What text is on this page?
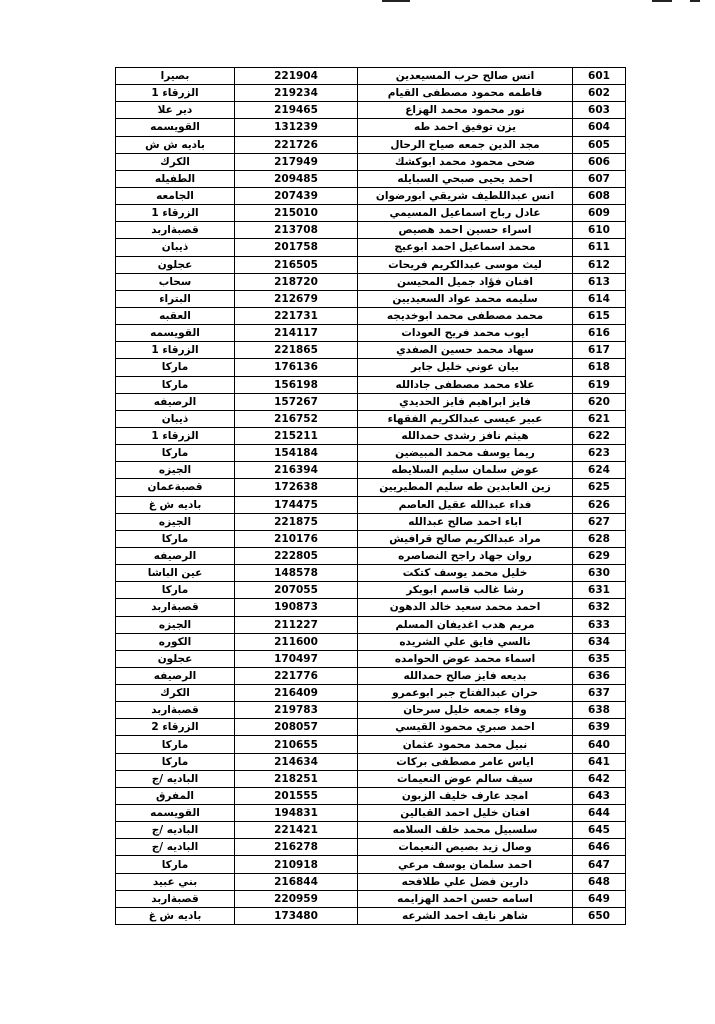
601	انس صالح حرب المسيعدين	221904	بصيرا
602	فاطمه محمود مصطفى القيام	219234	الزرقاء 1
603	نور محمود محمد الهزاع	219465	دير علا
604	يزن توفيق احمد طه	131239	القويسمه
605	مجد الدين جمعه صياح الرحال	221726	باديه ش ش
606	ضحى محمود محمد ابوكشك	217949	الكرك
607	احمد يحيى صبحي السبايله	209485	الطفيله
608	انس عبداللطيف شريقي ابورضوان	207439	الجامعه
609	عادل رباح اسماعيل المسيمي	215010	الزرقاء 1
610	اسراء حسين احمد هصيص	213708	قصبةاربد
611	محمد اسماعيل احمد ابوعيج	201758	ذيبان
612	ليث موسى عبدالكريم فريحات	216505	عجلون
613	افنان فؤاد جميل المحيسن	218720	سحاب
614	سليمه محمد عواد السعيديين	212679	البتراء
615	محمد مصطفى محمد ابوخديجه	221731	العقبه
616	ايوب محمد فريح العودات	214117	القويسمه
617	سهاد محمد حسين الصفدي	221865	الزرقاء 1
618	بيان عوني خليل جابر	176136	ماركا
619	علاء محمد مصطفى جادالله	156198	ماركا
620	فايز ابراهيم فايز الحديدي	157267	الرصيفه
621	عبير عيسى عبدالكريم الفقهاء	216752	ذيبان
622	هيثم نافز رشدى حمدالله	215211	الزرقاء 1
623	ريما يوسف محمد المبيضين	154184	ماركا
624	عوض سلمان سليم السلايطه	216394	الجيزه
625	زين العابدين طه سليم المطيريين	172638	قصبةعمان
626	فداء عبدالله عقيل العاصم	174475	باديه ش غ
627	اباء احمد صالح عبدالله	221875	الجيزه
628	مراد عبدالكريم صالح قرافيش	210176	ماركا
629	روان جهاد راجح النصاصره	222805	الرصيفه
630	خليل محمد يوسف كتكت	148578	عين الباشا
631	رشا غالب قاسم ابوبكر	207055	ماركا
632	احمد محمد سعيد خالد الدهون	190873	قصبةاربد
633	مريم هدب اغديفان المسلم	211227	الجيزه
634	نالسي فايق علي الشريده	211600	الكوره
635	اسماء محمد عوض الحوامده	170497	عجلون
636	بديعه فايز صالح حمدالله	221776	الرصيفه
637	حران عبدالفتاح جبر ابوعمرو	216409	الكرك
638	وفاء جمعه خليل سرحان	219783	قصبةاربد
639	احمد صبري محمود القيسي	208057	الزرقاء 2
640	نبيل محمد محمود عثمان	210655	ماركا
641	اياس عامر مصطفى بركات	214634	ماركا
642	سيف سالم عوض النعيمات	218251	الباديه /ج
643	امجد عارف خليف الزبون	201555	المفرق
644	افنان خليل احمد القبالين	194831	القويسمه
645	سلسبيل محمد خلف السلامه	221421	الباديه /ج
646	وصال زيد بصيص النعيمات	216278	الباديه /ج
647	احمد سلمان يوسف مرعي	210918	ماركا
648	دارين فضل علي طلافحه	216844	بني عبيد
649	اسامه حسن احمد الهزايمه	220959	قصبةاربد
650	شاهر نايف احمد الشرعه	173480	باديه ش غ
